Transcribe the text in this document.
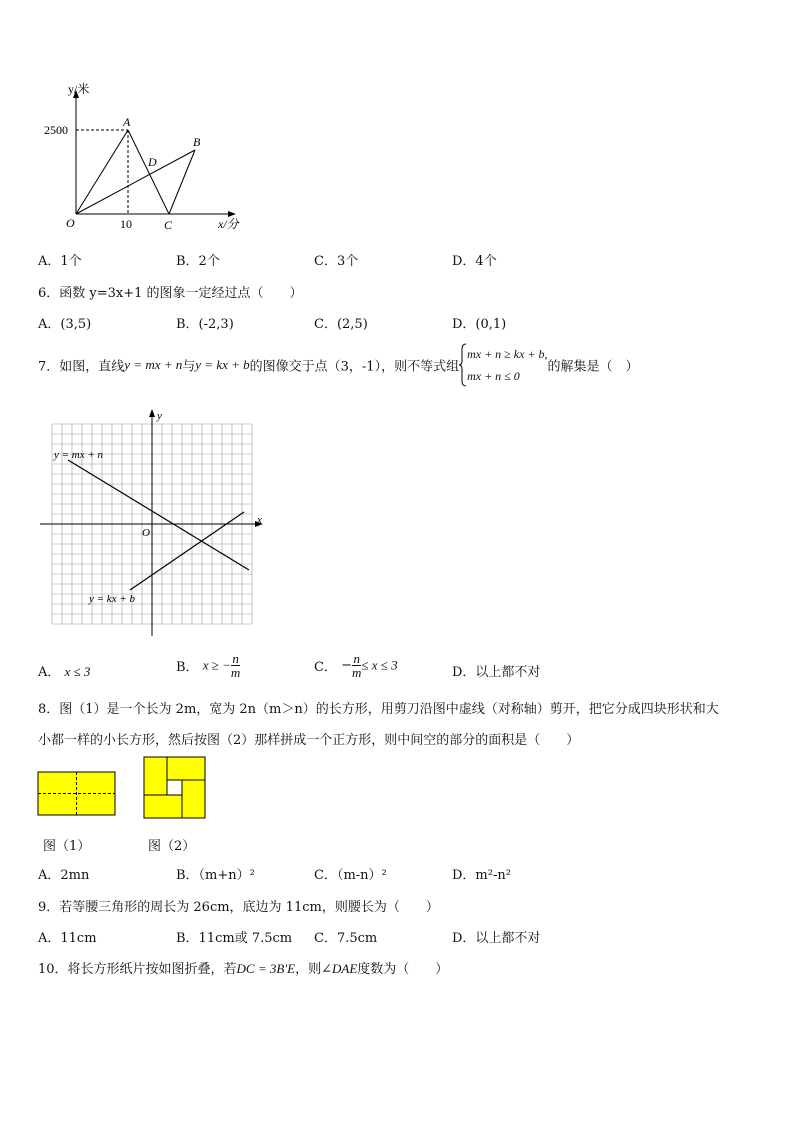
y/米
x/分
2500
10
O
A
B
C
D
A．1个	B．2个	C．3个	D．4个
6．函数 y=3x+1 的图象一定经过点（　　）
A．(3,5)	B．(-2,3)	C．(2,5)	D．(0,1)
7．如图，直线y = mx + n与y = kx + b的图像交于点（3，-1），则不等式组
mx + n ≥ kx + b,
mx + n ≤ 0
的解集是（　）
x
y
O
y = mx + n
y = kx + b
A． x ≤ 3	B． x ≥ − $\frac{n}{m}$	C． − $\frac{n}{m} \le x \le 3$	D．以上都不对
8．图（1）是一个长为 2m，宽为 2n（m＞n）的长方形，用剪刀沿图中虚线（对称轴）剪开，把它分成四块形状和大
小都一样的小长方形，然后按图（2）那样拼成一个正方形，则中间空的部分的面积是（　　）
图（1）	图（2）
A．2mn	B．（m+n）²	C．（m-n）²	D．m²-n²
9．若等腰三角形的周长为 26cm，底边为 11cm，则腰长为（　　）
A．11cm	B．11cm或 7.5cm C．7.5cm	D．以上都不对
10．将长方形纸片按如图折叠，若DC = 3B′E，则∠DAE度数为（　　）
